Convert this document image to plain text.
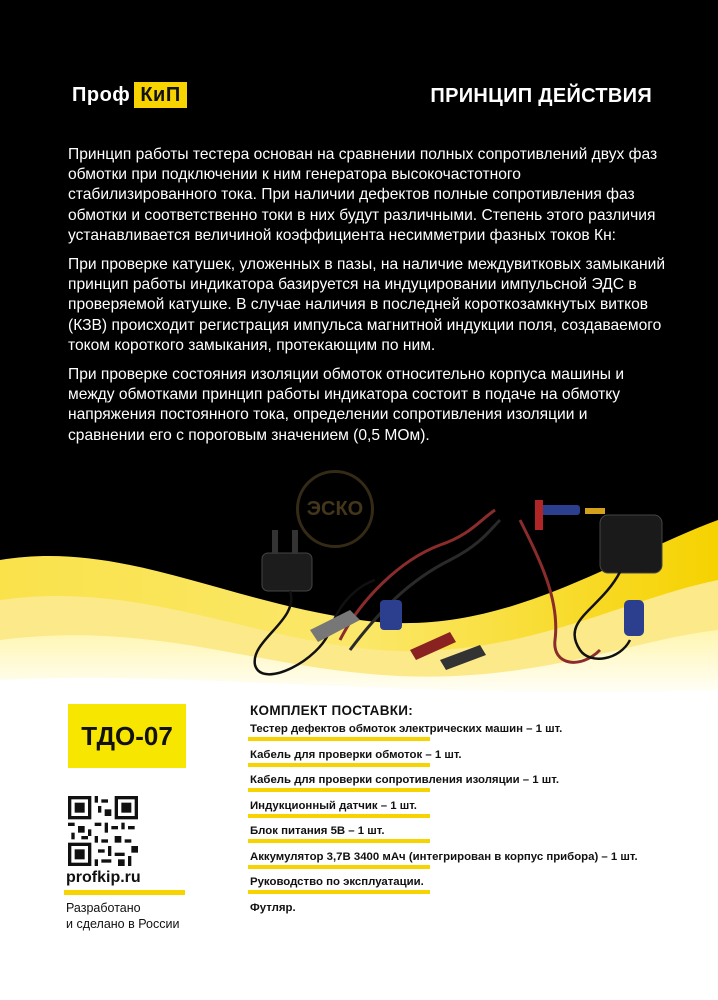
Проф КиП	ПРИНЦИП ДЕЙСТВИЯ

Принцип работы тестера основан на сравнении полных сопротивлений двух фаз обмотки при подключении к ним генератора высокочастотного стабилизированного тока. При наличии дефектов полные сопротивления фаз обмотки и соответственно токи в них будут различными. Степень этого различия устанавливается величиной коэффициента несимметрии фазных токов Кн:

При проверке катушек, уложенных в пазы, на наличие междувитковых замыканий принцип работы индикатора базируется на индуцировании импульсной ЭДС в проверяемой катушке. В случае наличия в последней короткозамкнутых витков (КЗВ) происходит регистрация импульса магнитной индукции поля, создаваемого током короткого замыкания, протекающим по ним.

При проверке состояния изоляции обмоток относительно корпуса машины и между обмотками принцип работы индикатора состоит в подаче на обмотку напряжения постоянного тока, определении сопротивления изоляции и сравнении его с пороговым значением (0,5 МОм).

ЭСКО
ТДО-07
profkip.ru
Разработано
и сделано в России
КОМПЛЕКТ ПОСТАВКИ:
Тестер дефектов обмоток электрических машин – 1 шт.
Кабель для проверки обмоток – 1 шт.
Кабель для проверки сопротивления изоляции – 1 шт.
Индукционный датчик – 1 шт.
Блок питания 5В – 1 шт.
Аккумулятор 3,7В 3400 мАч (интегрирован в корпус прибора) – 1 шт.
Руководство по эксплуатации.
Футляр.
